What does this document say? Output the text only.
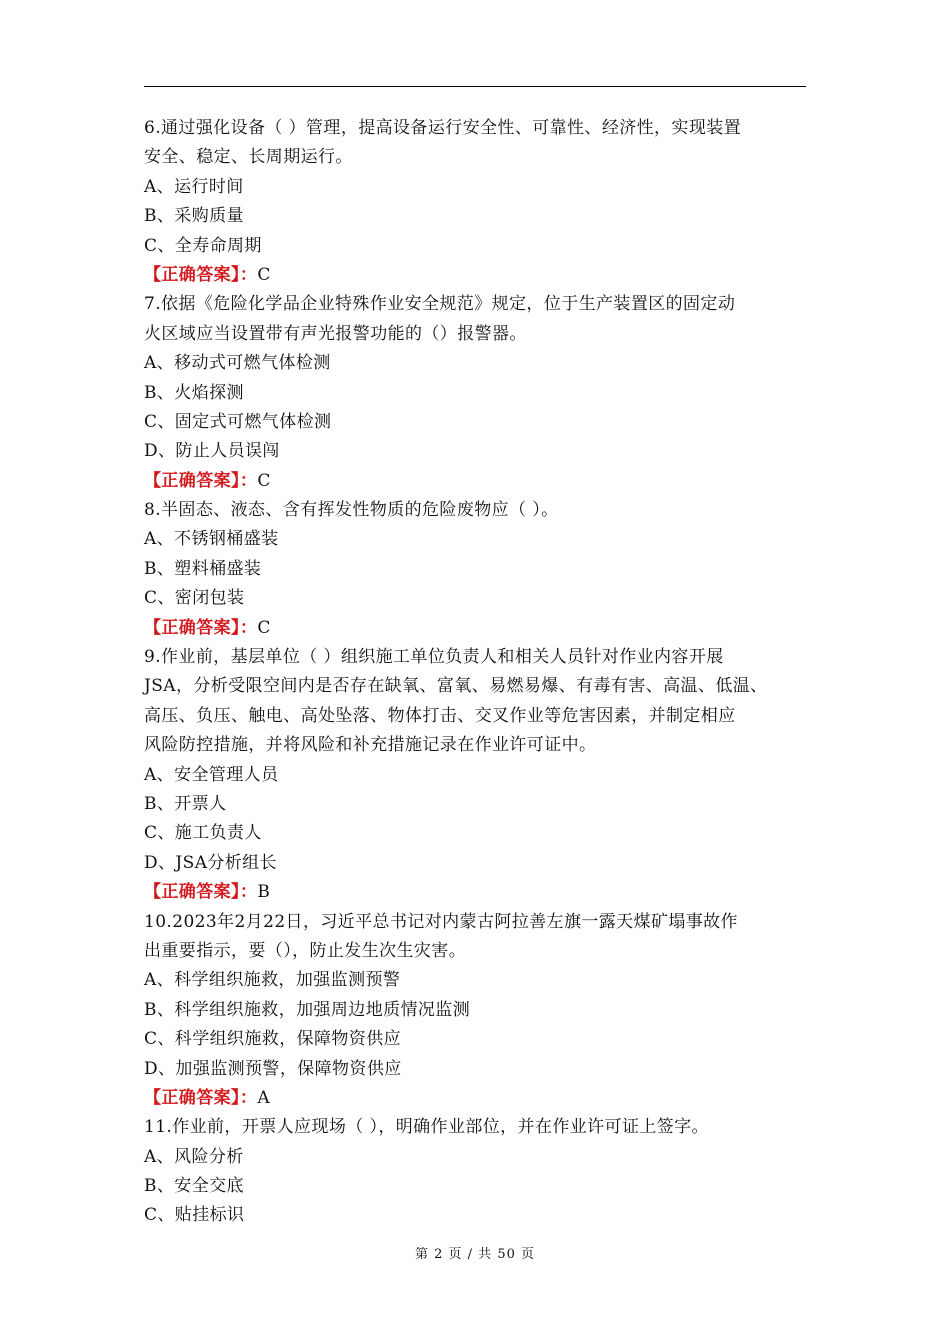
6.通过强化设备（ ）管理，提高设备运行安全性、可靠性、经济性，实现装置
安全、稳定、长周期运行。
A、运行时间
B、采购质量
C、全寿命周期
【正确答案】：C
7.依据《危险化学品企业特殊作业安全规范》规定，位于生产装置区的固定动
火区域应当设置带有声光报警功能的（）报警器。
A、移动式可燃气体检测
B、火焰探测
C、固定式可燃气体检测
D、防止人员误闯
【正确答案】：C
8.半固态、液态、含有挥发性物质的危险废物应（ ）。
A、不锈钢桶盛装
B、塑料桶盛装
C、密闭包装
【正确答案】：C
9.作业前，基层单位（ ）组织施工单位负责人和相关人员针对作业内容开展
JSA，分析受限空间内是否存在缺氧、富氧、易燃易爆、有毒有害、高温、低温、
高压、负压、触电、高处坠落、物体打击、交叉作业等危害因素，并制定相应
风险防控措施，并将风险和补充措施记录在作业许可证中。
A、安全管理人员
B、开票人
C、施工负责人
D、JSA分析组长
【正确答案】：B
10.2023年2月22日，习近平总书记对内蒙古阿拉善左旗一露天煤矿塌事故作
出重要指示，要（），防止发生次生灾害。
A、科学组织施救，加强监测预警
B、科学组织施救，加强周边地质情况监测
C、科学组织施救，保障物资供应
D、加强监测预警，保障物资供应
【正确答案】：A
11.作业前，开票人应现场（ ），明确作业部位，并在作业许可证上签字。
A、风险分析
B、安全交底
C、贴挂标识
第 2 页 / 共 50 页
